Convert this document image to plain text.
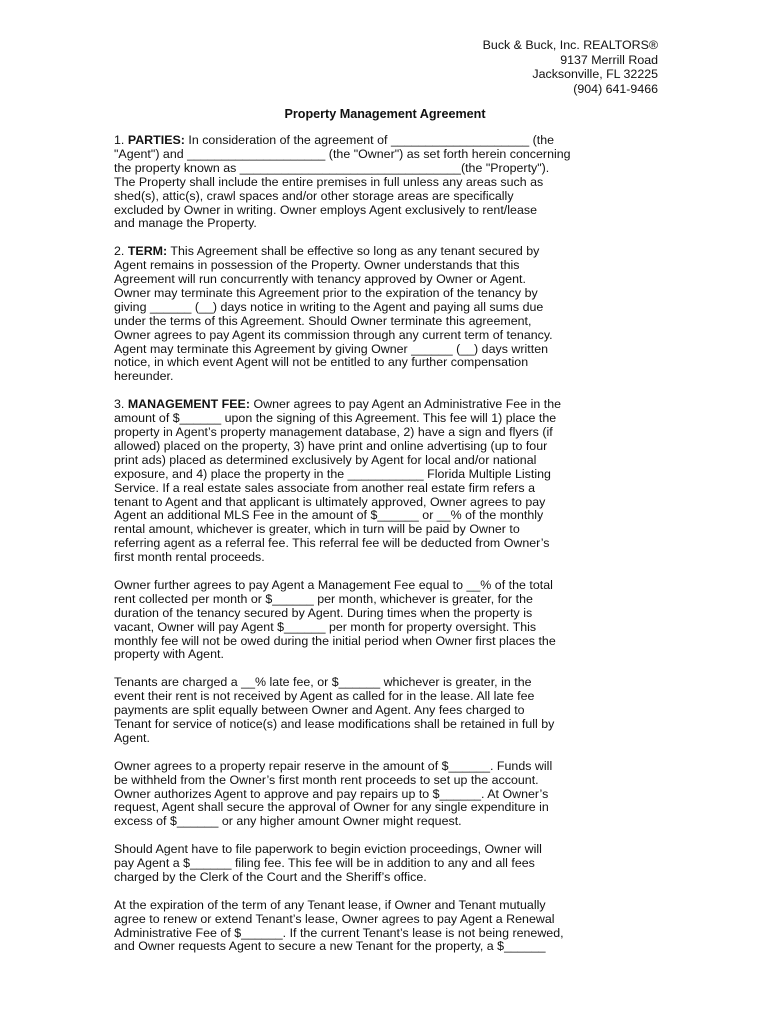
Buck & Buck, Inc. REALTORS®
9137 Merrill Road
Jacksonville, FL 32225
(904) 641-9466
Property Management Agreement

1. PARTIES: In consideration of the agreement of ____________________ (the
"Agent") and ____________________ (the "Owner") as set forth herein concerning
the property known as ________________________________(the "Property").
The Property shall include the entire premises in full unless any areas such as
shed(s), attic(s), crawl spaces and/or other storage areas are specifically
excluded by Owner in writing. Owner employs Agent exclusively to rent/lease
and manage the Property.

2. TERM: This Agreement shall be effective so long as any tenant secured by
Agent remains in possession of the Property. Owner understands that this
Agreement will run concurrently with tenancy approved by Owner or Agent.
Owner may terminate this Agreement prior to the expiration of the tenancy by
giving ______ (__) days notice in writing to the Agent and paying all sums due
under the terms of this Agreement. Should Owner terminate this agreement,
Owner agrees to pay Agent its commission through any current term of tenancy.
Agent may terminate this Agreement by giving Owner ______ (__) days written
notice, in which event Agent will not be entitled to any further compensation
hereunder.

3. MANAGEMENT FEE: Owner agrees to pay Agent an Administrative Fee in the
amount of $______ upon the signing of this Agreement. This fee will 1) place the
property in Agent’s property management database, 2) have a sign and flyers (if
allowed) placed on the property, 3) have print and online advertising (up to four
print ads) placed as determined exclusively by Agent for local and/or national
exposure, and 4) place the property in the ___________ Florida Multiple Listing
Service. If a real estate sales associate from another real estate firm refers a
tenant to Agent and that applicant is ultimately approved, Owner agrees to pay
Agent an additional MLS Fee in the amount of $______ or __% of the monthly
rental amount, whichever is greater, which in turn will be paid by Owner to
referring agent as a referral fee. This referral fee will be deducted from Owner’s
first month rental proceeds.

Owner further agrees to pay Agent a Management Fee equal to __% of the total
rent collected per month or $______ per month, whichever is greater, for the
duration of the tenancy secured by Agent. During times when the property is
vacant, Owner will pay Agent $______ per month for property oversight. This
monthly fee will not be owed during the initial period when Owner first places the
property with Agent.

Tenants are charged a __% late fee, or $______ whichever is greater, in the
event their rent is not received by Agent as called for in the lease. All late fee
payments are split equally between Owner and Agent. Any fees charged to
Tenant for service of notice(s) and lease modifications shall be retained in full by
Agent.

Owner agrees to a property repair reserve in the amount of $______. Funds will
be withheld from the Owner’s first month rent proceeds to set up the account.
Owner authorizes Agent to approve and pay repairs up to $______. At Owner’s
request, Agent shall secure the approval of Owner for any single expenditure in
excess of $______ or any higher amount Owner might request.

Should Agent have to file paperwork to begin eviction proceedings, Owner will
pay Agent a $______ filing fee. This fee will be in addition to any and all fees
charged by the Clerk of the Court and the Sheriff’s office.

At the expiration of the term of any Tenant lease, if Owner and Tenant mutually
agree to renew or extend Tenant’s lease, Owner agrees to pay Agent a Renewal
Administrative Fee of $______. If the current Tenant’s lease is not being renewed,
and Owner requests Agent to secure a new Tenant for the property, a $______
